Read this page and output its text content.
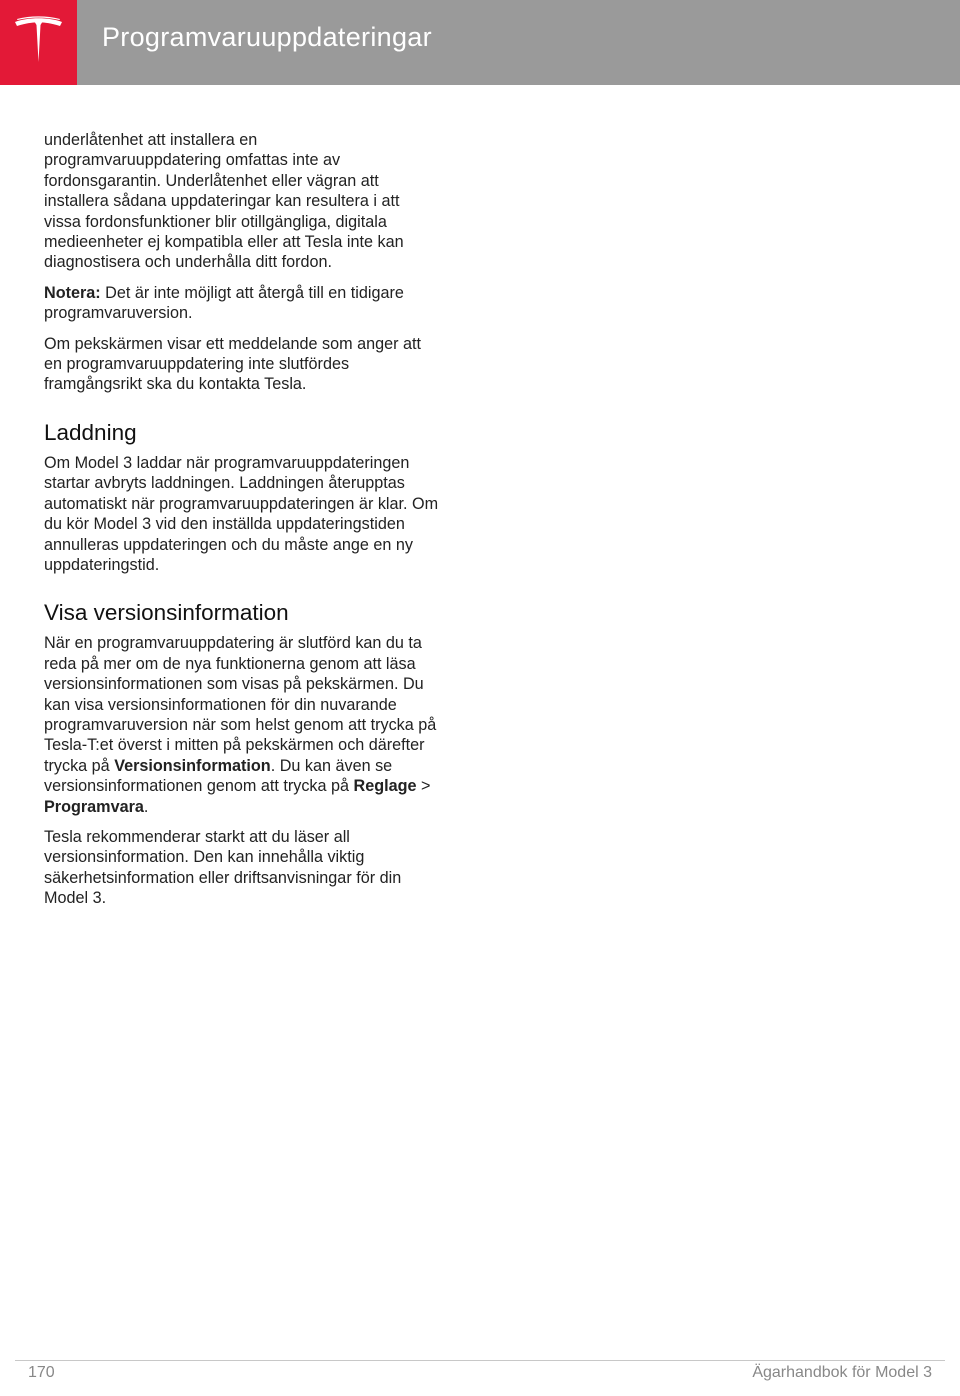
Programvaruuppdateringar

underlåtenhet att installera en programvaruuppdatering omfattas inte av fordonsgarantin. Underlåtenhet eller vägran att installera sådana uppdateringar kan resultera i att vissa fordonsfunktioner blir otillgängliga, digitala medieenheter ej kompatibla eller att Tesla inte kan diagnostisera och underhålla ditt fordon.

Notera: Det är inte möjligt att återgå till en tidigare programvaruversion.

Om pekskärmen visar ett meddelande som anger att en programvaruuppdatering inte slutfördes framgångsrikt ska du kontakta Tesla.

Laddning

Om Model 3 laddar när programvaruuppdateringen startar avbryts laddningen. Laddningen återupptas automatiskt när programvaruuppdateringen är klar. Om du kör Model 3 vid den inställda uppdateringstiden annulleras uppdateringen och du måste ange en ny uppdateringstid.

Visa versionsinformation

När en programvaruuppdatering är slutförd kan du ta reda på mer om de nya funktionerna genom att läsa versionsinformationen som visas på pekskärmen. Du kan visa versionsinformationen för din nuvarande programvaruversion när som helst genom att trycka på Tesla-T:et överst i mitten på pekskärmen och därefter trycka på Versionsinformation. Du kan även se versionsinformationen genom att trycka på Reglage > Programvara.

Tesla rekommenderar starkt att du läser all versionsinformation. Den kan innehålla viktig säkerhetsinformation eller driftsanvisningar för din Model 3.

170	Ägarhandbok för Model 3
